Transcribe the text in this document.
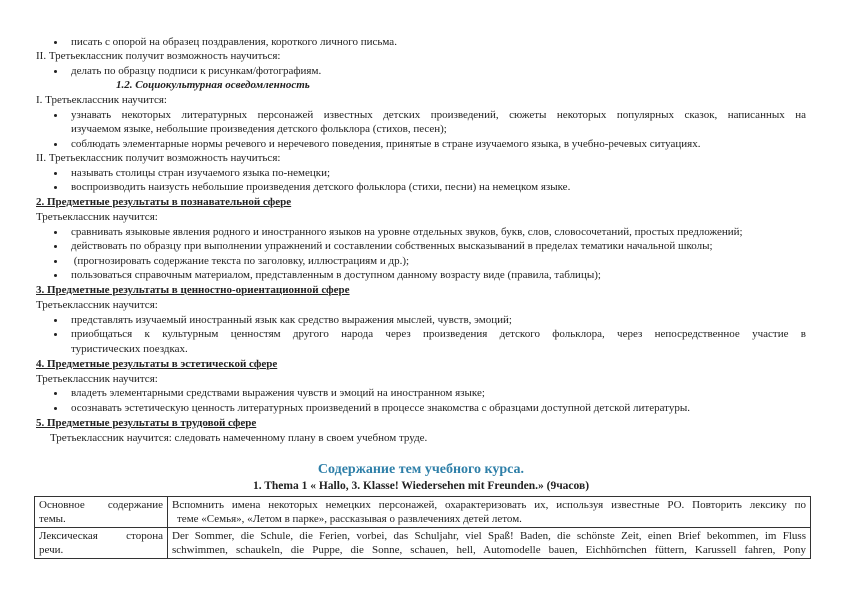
писать с опорой на образец поздравления, короткого личного письма.
II. Третьеклассник получит возможность научиться:
делать по образцу подписи к рисункам/фотографиям.
1.2. Социокультурная осведомленность
I. Третьеклассник научится:
узнавать некоторых литературных персонажей известных детских произведений, сюжеты некоторых популярных сказок, написанных на
изучаемом языке, небольшие произведения детского фольклора (стихов, песен);
соблюдать элементарные нормы речевого и неречевого поведения, принятые в стране изучаемого языка, в учебно-речевых ситуациях.
II. Третьеклассник получит возможность научиться:
называть столицы стран изучаемого языка по-немецки;
воспроизводить наизусть небольшие произведения детского фольклора (стихи, песни) на немецком языке.
2. Предметные результаты в познавательной сфере
Третьеклассник научится:
сравнивать языковые явления родного и иностранного языков на уровне отдельных звуков, букв, слов, словосочетаний, простых предложений;
действовать по образцу при выполнении упражнений и составлении собственных высказываний в пределах тематики начальной школы;
(прогнозировать содержание текста по заголовку, иллюстрациям и др.);
пользоваться справочным материалом, представленным в доступном данному возрасту виде (правила, таблицы);
3. Предметные результаты в ценностно-ориентационной сфере
Третьеклассник научится:
представлять изучаемый иностранный язык как средство выражения мыслей, чувств, эмоций;
приобщаться к культурным ценностям другого народа через произведения детского фольклора, через непосредственное участие в
туристических поездках.
4. Предметные результаты в эстетической сфере
Третьеклассник научится:
владеть элементарными средствами выражения чувств и эмоций на иностранном языке;
осознавать эстетическую ценность литературных произведений в процессе знакомства с образцами доступной детской литературы.
5. Предметные результаты в трудовой сфере
Третьеклассник научится: следовать намеченному плану в своем учебном труде.
Содержание тем учебного курса.
1. Thema 1 « Hallo, 3. Klasse! Wiedersehen mit Freunden.» (9часов)
Основное содержание
темы.	Вспомнить имена некоторых немецких персонажей, охарактеризовать их, используя известные РО. Повторить лексику по
теме «Семья», «Летом в парке», рассказывая о развлечениях детей летом.

Лексическая сторона
речи.	Der Sommer, die Schule, die Ferien, vorbei, das Schuljahr, viel Spaß! Baden, die schönste Zeit, einen Brief bekommen, im Fluss
schwimmen, schaukeln, die Puppe, die Sonne, schauen, hell, Automodelle bauen, Eichhörnchen füttern, Karussell fahren, Pony
